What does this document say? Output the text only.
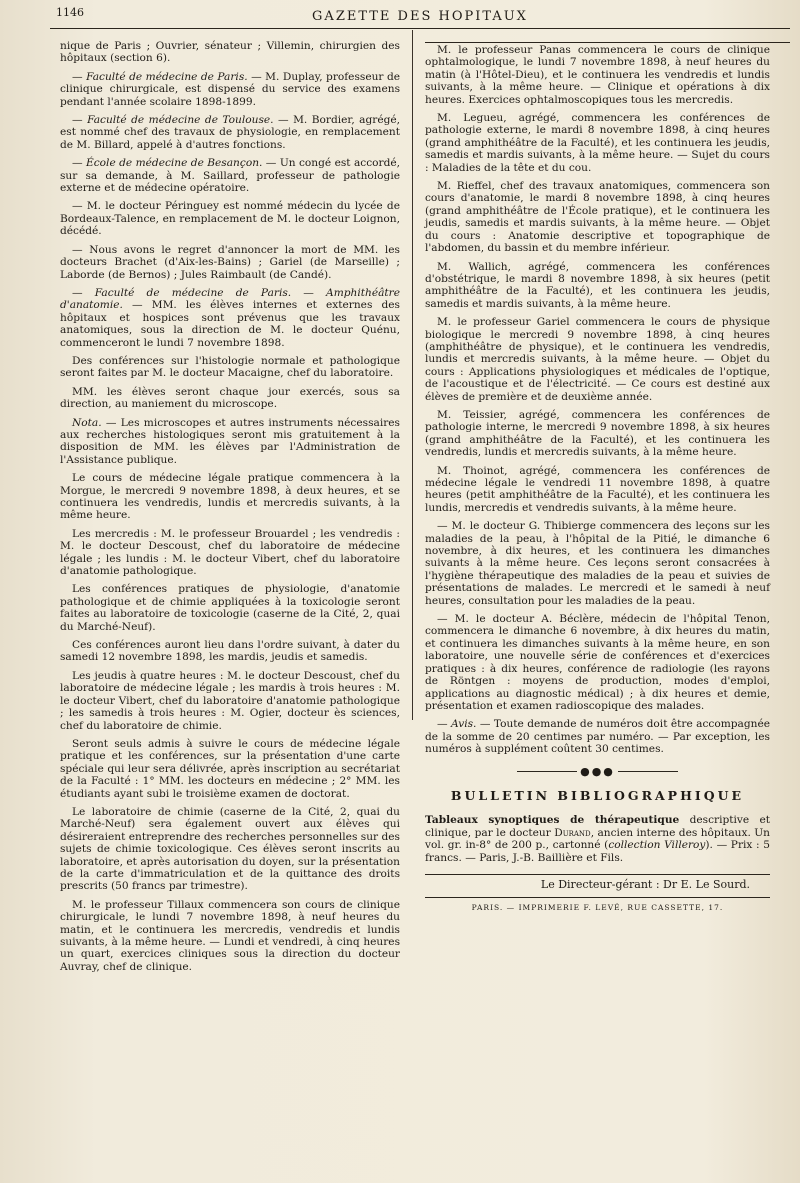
1146	GAZETTE DES HOPITAUX

nique de Paris ; Ouvrier, sénateur ; Villemin, chirurgien des hôpitaux (section 6).

— Faculté de médecine de Paris. — M. Duplay, professeur de clinique chirurgicale, est dispensé du service des examens pendant l'année scolaire 1898-1899.

— Faculté de médecine de Toulouse. — M. Bordier, agrégé, est nommé chef des travaux de physiologie, en remplacement de M. Billard, appelé à d'autres fonctions.

— École de médecine de Besançon. — Un congé est accordé, sur sa demande, à M. Saillard, professeur de pathologie externe et de médecine opératoire.

— M. le docteur Péringuey est nommé médecin du lycée de Bordeaux-Talence, en remplacement de M. le docteur Loignon, décédé.

— Nous avons le regret d'annoncer la mort de MM. les docteurs Brachet (d'Aix-les-Bains) ; Gariel (de Marseille) ; Laborde (de Bernos) ; Jules Raimbault (de Candé).

— Faculté de médecine de Paris. — Amphithéâtre d'anatomie. — MM. les élèves internes et externes des hôpitaux et hospices sont prévenus que les travaux anatomiques, sous la direction de M. le docteur Quénu, commenceront le lundi 7 novembre 1898.

Des conférences sur l'histologie normale et pathologique seront faites par M. le docteur Macaigne, chef du laboratoire.

MM. les élèves seront chaque jour exercés, sous sa direction, au maniement du microscope.

Nota. — Les microscopes et autres instruments nécessaires aux recherches histologiques seront mis gratuitement à la disposition de MM. les élèves par l'Administration de l'Assistance publique.

Le cours de médecine légale pratique commencera à la Morgue, le mercredi 9 novembre 1898, à deux heures, et se continuera les vendredis, lundis et mercredis suivants, à la même heure.

Les mercredis : M. le professeur Brouardel ; les vendredis : M. le docteur Descoust, chef du laboratoire de médecine légale ; les lundis : M. le docteur Vibert, chef du laboratoire d'anatomie pathologique.

Les conférences pratiques de physiologie, d'anatomie pathologique et de chimie appliquées à la toxicologie seront faites au laboratoire de toxicologie (caserne de la Cité, 2, quai du Marché-Neuf).

Ces conférences auront lieu dans l'ordre suivant, à dater du samedi 12 novembre 1898, les mardis, jeudis et samedis.

Les jeudis à quatre heures : M. le docteur Descoust, chef du laboratoire de médecine légale ; les mardis à trois heures : M. le docteur Vibert, chef du laboratoire d'anatomie pathologique ; les samedis à trois heures : M. Ogier, docteur ès sciences, chef du laboratoire de chimie.

Seront seuls admis à suivre le cours de médecine légale pratique et les conférences, sur la présentation d'une carte spéciale qui leur sera délivrée, après inscription au secrétariat de la Faculté : 1° MM. les docteurs en médecine ; 2° MM. les étudiants ayant subi le troisième examen de doctorat.

Le laboratoire de chimie (caserne de la Cité, 2, quai du Marché-Neuf) sera également ouvert aux élèves qui désireraient entreprendre des recherches personnelles sur des sujets de chimie toxicologique. Ces élèves seront inscrits au laboratoire, et après autorisation du doyen, sur la présentation de la carte d'immatriculation et de la quittance des droits prescrits (50 francs par trimestre).

M. le professeur Tillaux commencera son cours de clinique chirurgicale, le lundi 7 novembre 1898, à neuf heures du matin, et le continuera les mercredis, vendredis et lundis suivants, à la même heure. — Lundi et vendredi, à cinq heures un quart, exercices cliniques sous la direction du docteur Auvray, chef de clinique.

M. le professeur Panas commencera le cours de clinique ophtalmologique, le lundi 7 novembre 1898, à neuf heures du matin (à l'Hôtel-Dieu), et le continuera les vendredis et lundis suivants, à la même heure. — Clinique et opérations à dix heures. Exercices ophtalmoscopiques tous les mercredis.

M. Legueu, agrégé, commencera les conférences de pathologie externe, le mardi 8 novembre 1898, à cinq heures (grand amphithéâtre de la Faculté), et les continuera les jeudis, samedis et mardis suivants, à la même heure. — Sujet du cours : Maladies de la tête et du cou.

M. Rieffel, chef des travaux anatomiques, commencera son cours d'anatomie, le mardi 8 novembre 1898, à cinq heures (grand amphithéâtre de l'École pratique), et le continuera les jeudis, samedis et mardis suivants, à la même heure. — Objet du cours : Anatomie descriptive et topographique de l'abdomen, du bassin et du membre inférieur.

M. Wallich, agrégé, commencera les conférences d'obstétrique, le mardi 8 novembre 1898, à six heures (petit amphithéâtre de la Faculté), et les continuera les jeudis, samedis et mardis suivants, à la même heure.

M. le professeur Gariel commencera le cours de physique biologique le mercredi 9 novembre 1898, à cinq heures (amphithéâtre de physique), et le continuera les vendredis, lundis et mercredis suivants, à la même heure. — Objet du cours : Applications physiologiques et médicales de l'optique, de l'acoustique et de l'électricité. — Ce cours est destiné aux élèves de première et de deuxième année.

M. Teissier, agrégé, commencera les conférences de pathologie interne, le mercredi 9 novembre 1898, à six heures (grand amphithéâtre de la Faculté), et les continuera les vendredis, lundis et mercredis suivants, à la même heure.

M. Thoinot, agrégé, commencera les conférences de médecine légale le vendredi 11 novembre 1898, à quatre heures (petit amphithéâtre de la Faculté), et les continuera les lundis, mercredis et vendredis suivants, à la même heure.

— M. le docteur G. Thibierge commencera des leçons sur les maladies de la peau, à l'hôpital de la Pitié, le dimanche 6 novembre, à dix heures, et les continuera les dimanches suivants à la même heure. Ces leçons seront consacrées à l'hygiène thérapeutique des maladies de la peau et suivies de présentations de malades. Le mercredi et le samedi à neuf heures, consultation pour les maladies de la peau.

— M. le docteur A. Béclère, médecin de l'hôpital Tenon, commencera le dimanche 6 novembre, à dix heures du matin, et continuera les dimanches suivants à la même heure, en son laboratoire, une nouvelle série de conférences et d'exercices pratiques : à dix heures, conférence de radiologie (les rayons de Röntgen : moyens de production, modes d'emploi, applications au diagnostic médical) ; à dix heures et demie, présentation et examen radioscopique des malades.

— Avis. — Toute demande de numéros doit être accompagnée de la somme de 20 centimes par numéro. — Par exception, les numéros à supplément coûtent 30 centimes.

●●●
BULLETIN BIBLIOGRAPHIQUE

Tableaux synoptiques de thérapeutique descriptive et clinique, par le docteur Durand, ancien interne des hôpitaux. Un vol. gr. in-8° de 200 p., cartonné (collection Villeroy). — Prix : 5 francs. — Paris, J.-B. Baillière et Fils.

Le Directeur-gérant : Dr E. Le Sourd.
PARIS. — IMPRIMERIE F. LEVÉ, RUE CASSETTE, 17.
